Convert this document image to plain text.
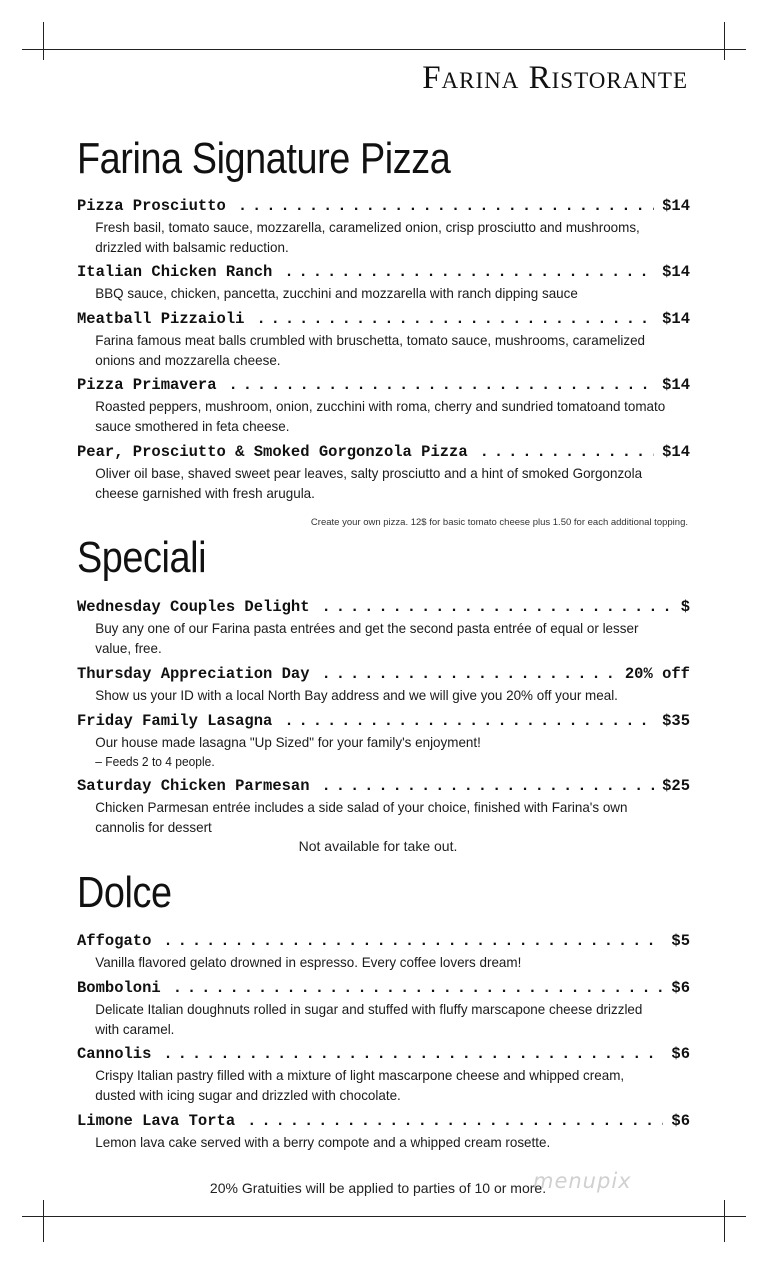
Farina Ristorante
Farina Signature Pizza
Pizza Prosciutto . . .	$14
Fresh basil, tomato sauce, mozzarella, caramelized onion, crisp prosciutto and mushrooms, drizzled with balsamic reduction.
Italian Chicken Ranch . . .	$14
BBQ sauce, chicken, pancetta, zucchini and mozzarella with ranch dipping sauce
Meatball Pizzaioli . . .	$14
Farina famous meat balls crumbled with bruschetta, tomato sauce, mushrooms, caramelized onions and mozzarella cheese.
Pizza Primavera . . .	$14
Roasted peppers, mushroom, onion, zucchini with roma, cherry and sundried tomatoand tomato sauce smothered in feta cheese.
Pear, Prosciutto & Smoked Gorgonzola Pizza . . .	$14
Oliver oil base, shaved sweet pear leaves, salty prosciutto and a hint of smoked Gorgonzola cheese garnished with fresh arugula.
Create your own pizza. 12$ for basic tomato cheese plus 1.50 for each additional topping.
Speciali
Wednesday Couples Delight . . .	$
Buy any one of our Farina pasta entrées and get the second pasta entrée of equal or lesser value, free.
Thursday Appreciation Day . . .	20% off
Show us your ID with a local North Bay address and we will give you 20% off your meal.
Friday Family Lasagna . . .	$35
Our house made lasagna "Up Sized" for your family's enjoyment!
– Feeds 2 to 4 people.
Saturday Chicken Parmesan . . .	$25
Chicken Parmesan entrée includes a side salad of your choice, finished with Farina's own cannolis for dessert
Not available for take out.
Dolce
Affogato . . .	$5
Vanilla flavored gelato drowned in espresso. Every coffee lovers dream!
Bomboloni . . .	$6
Delicate Italian doughnuts rolled in sugar and stuffed with fluffy marscapone cheese drizzled with caramel.
Cannolis . . .	$6
Crispy Italian pastry filled with a mixture of light mascarpone cheese and whipped cream, dusted with icing sugar and drizzled with chocolate.
Limone Lava Torta . . .	$6
Lemon lava cake served with a berry compote and a whipped cream rosette.
menupix
20% Gratuities will be applied to parties of 10 or more.
